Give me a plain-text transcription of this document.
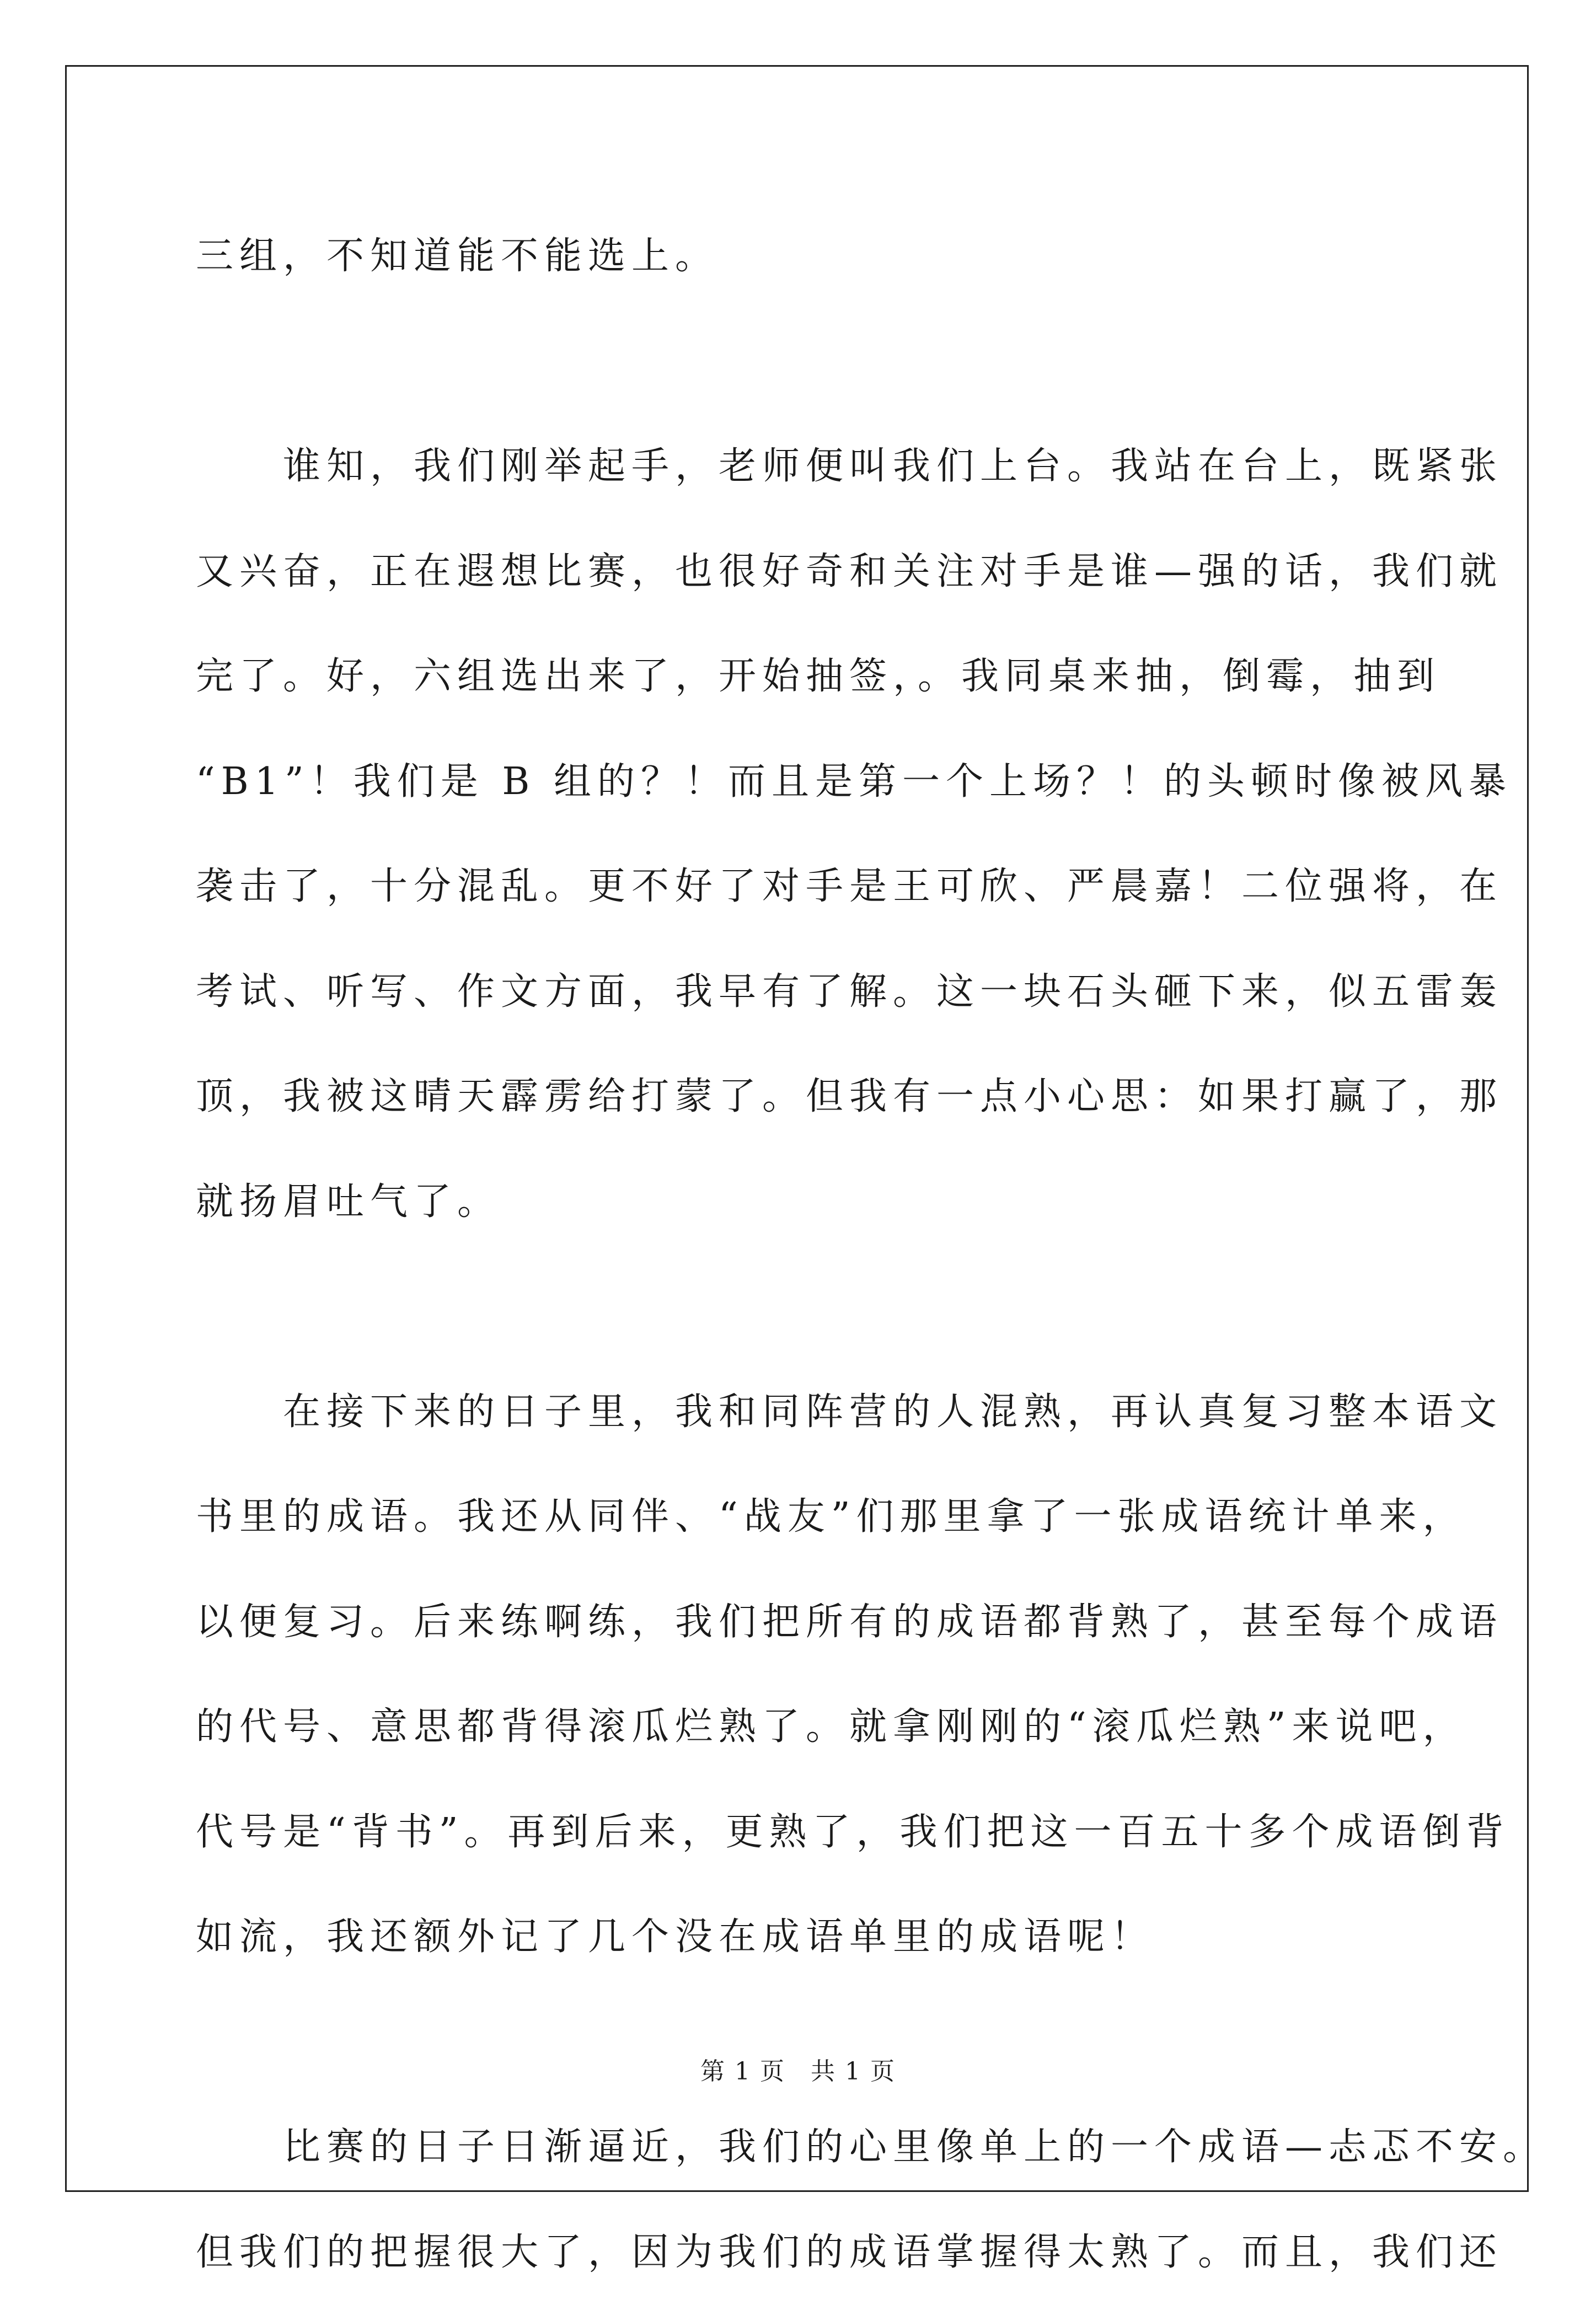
三组，不知道能不能选上。
　　谁知，我们刚举起手，老师便叫我们上台。我站在台上，既紧张
又兴奋，正在遐想比赛，也很好奇和关注对手是谁—强的话，我们就
完了。好，六组选出来了，开始抽签，。我同桌来抽，倒霉，抽到
“B1”！我们是 B 组的？！而且是第一个上场？！的头顿时像被风暴
袭击了，十分混乱。更不好了对手是王可欣、严晨嘉！二位强将，在
考试、听写、作文方面，我早有了解。这一块石头砸下来，似五雷轰
顶，我被这晴天霹雳给打蒙了。但我有一点小心思：如果打赢了，那
就扬眉吐气了。
　　在接下来的日子里，我和同阵营的人混熟，再认真复习整本语文
书里的成语。我还从同伴、“战友”们那里拿了一张成语统计单来，
以便复习。后来练啊练，我们把所有的成语都背熟了，甚至每个成语
的代号、意思都背得滚瓜烂熟了。就拿刚刚的“滚瓜烂熟”来说吧，
代号是“背书”。再到后来，更熟了，我们把这一百五十多个成语倒背
如流，我还额外记了几个没在成语单里的成语呢！
　　比赛的日子日渐逼近，我们的心里像单上的一个成语—忐忑不安。
但我们的把握很大了，因为我们的成语掌握得太熟了。而且，我们还
第 1 页　共 1 页
